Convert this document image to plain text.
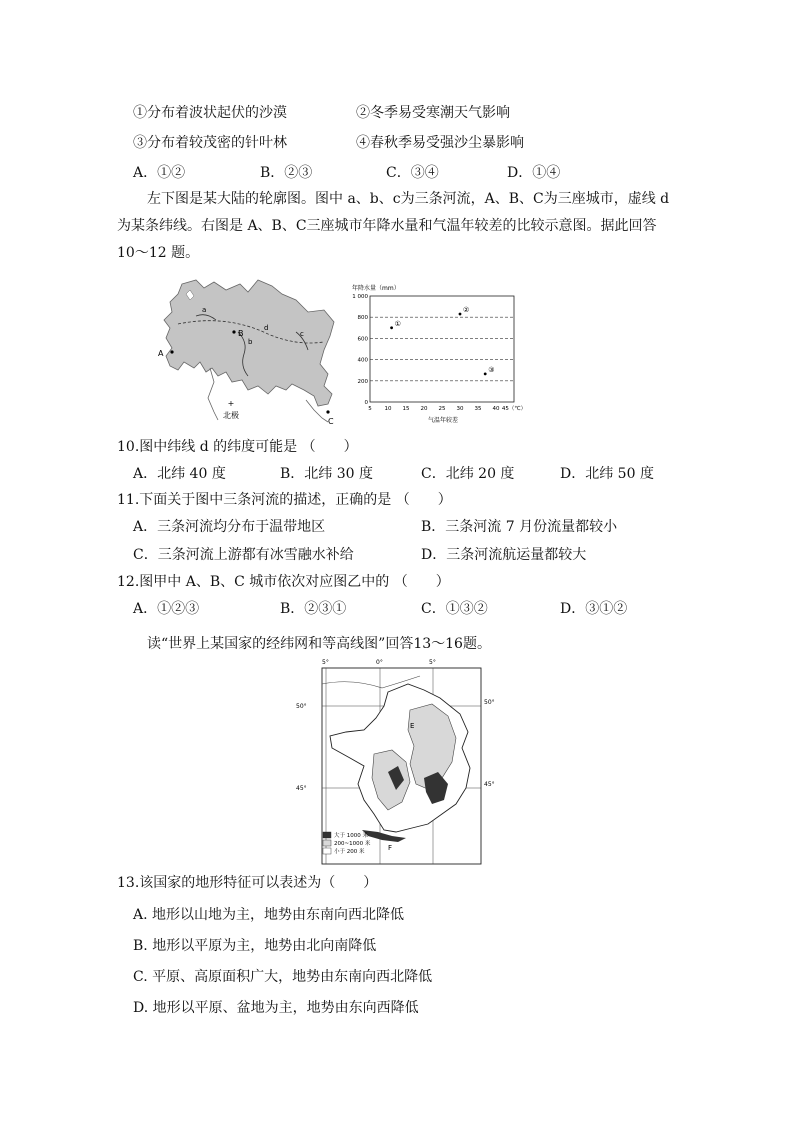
①分布着波状起伏的沙漠	②冬季易受寒潮天气影响
③分布着较茂密的针叶林	④春秋季易受强沙尘暴影响
A．①②	B．②③	C．③④	D．①④
左下图是某大陆的轮廓图。图中 a、b、c为三条河流，A、B、C为三座城市，虚线 d
为某条纬线。右图是 A、B、C三座城市年降水量和气温年较差的比较示意图。据此回答
10～12 题。
A
B
C
a
b
c
d
+
北极
年降水量（mm）
0
200
400
600
800
1 000
5 10 15 20 25 30 35 40 45（℃）
①
②
③
气温年较差
10.图中纬线 d 的纬度可能是 （　　）
A．北纬 40 度	B．北纬 30 度	C．北纬 20 度	D．北纬 50 度
11.下面关于图中三条河流的描述，正确的是 （　　）
A．三条河流均分布于温带地区	B．三条河流 7 月份流量都较小
C．三条河流上游都有冰雪融水补给	D．三条河流航运量都较大
12.图甲中 A、B、C 城市依次对应图乙中的 （　　）
A．①②③	B．②③①	C．①③②	D．③①②
读“世界上某国家的经纬网和等高线图”回答13～16题。
5°	0°	5°
50°
50°
45°
45°
E
F
大于 1000 米
200~1000 米
小于 200 米
13.该国家的地形特征可以表述为（　　）
A. 地形以山地为主，地势由东南向西北降低
B. 地形以平原为主，地势由北向南降低
C. 平原、高原面积广大，地势由东南向西北降低
D. 地形以平原、盆地为主，地势由东向西降低
